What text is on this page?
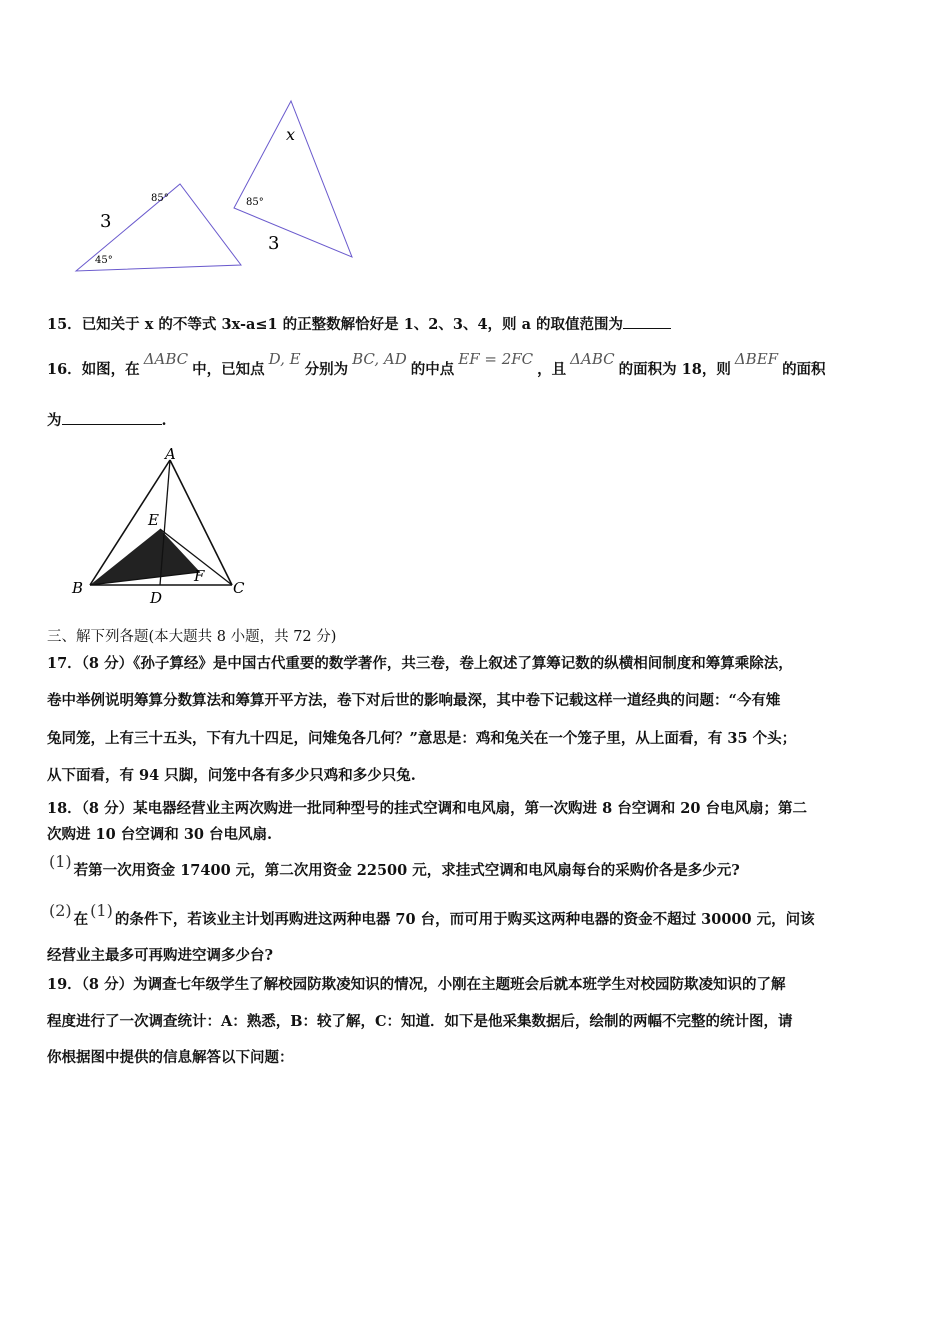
3
85°
45°
x
85°
3
15．已知关于 x 的不等式 3x-a≤1 的正整数解恰好是 1、2、3、4，则 a 的取值范围为
16．如图，在ΔABC中，已知点D, E分别为BC, AD的中点EF = 2FC，且ΔABC的面积为 18，则ΔBEF的面积
为	.
A
B	C
D
E
F
三、解下列各题(本大题共 8 小题，共 72 分)
17．（8 分）《孙子算经》是中国古代重要的数学著作，共三卷，卷上叙述了算筹记数的纵横相间制度和筹算乘除法，
卷中举例说明筹算分数算法和筹算开平方法，卷下对后世的影响最深，其中卷下记载这样一道经典的问题：“今有雉
兔同笼，上有三十五头，下有九十四足，问雉兔各几何？”意思是：鸡和兔关在一个笼子里，从上面看，有 35 个头；
从下面看，有 94 只脚，问笼中各有多少只鸡和多少只兔.
18．（8 分）某电器经营业主两次购进一批同种型号的挂式空调和电风扇，第一次购进 8 台空调和 20 台电风扇；第二
次购进 10 台空调和 30 台电风扇.
(1) 若第一次用资金 17400 元，第二次用资金 22500 元，求挂式空调和电风扇每台的采购价各是多少元?
(2) 在 (1) 的条件下，若该业主计划再购进这两种电器 70 台，而可用于购买这两种电器的资金不超过 30000 元，问该
经营业主最多可再购进空调多少台?
19．（8 分）为调查七年级学生了解校园防欺凌知识的情况，小刚在主题班会后就本班学生对校园防欺凌知识的了解
程度进行了一次调查统计：A：熟悉，B：较了解，C：知道．如下是他采集数据后，绘制的两幅不完整的统计图，请
你根据图中提供的信息解答以下问题：
